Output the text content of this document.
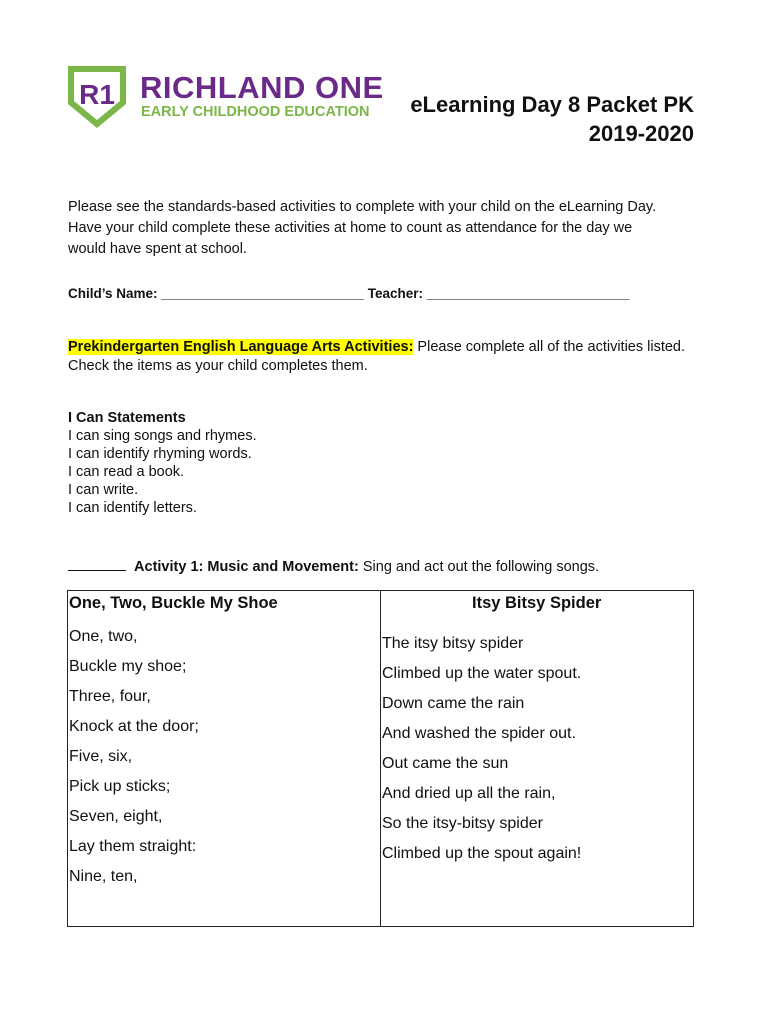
R1 RICHLAND ONE
EARLY CHILDHOOD EDUCATION eLearning Day 8 Packet PK
2019-2020
Please see the standards-based activities to complete with your child on the eLearning Day.
Have your child complete these activities at home to count as attendance for the day we
would have spent at school.
Child’s Name: ___________________________ Teacher: ___________________________
Prekindergarten English Language Arts Activities: Please complete all of the activities listed. Check the items as your child completes them.
I Can Statements
I can sing songs and rhymes.
I can identify rhyming words.
I can read a book.
I can write.
I can identify letters.
Activity 1: Music and Movement: Sing and act out the following songs.
One, Two, Buckle My Shoe
One, two,
Buckle my shoe;
Three, four,
Knock at the door;
Five, six,
Pick up sticks;
Seven, eight,
Lay them straight:
Nine, ten,
Itsy Bitsy Spider
The itsy bitsy spider
Climbed up the water spout.
Down came the rain
And washed the spider out.
Out came the sun
And dried up all the rain,
So the itsy-bitsy spider
Climbed up the spout again!
